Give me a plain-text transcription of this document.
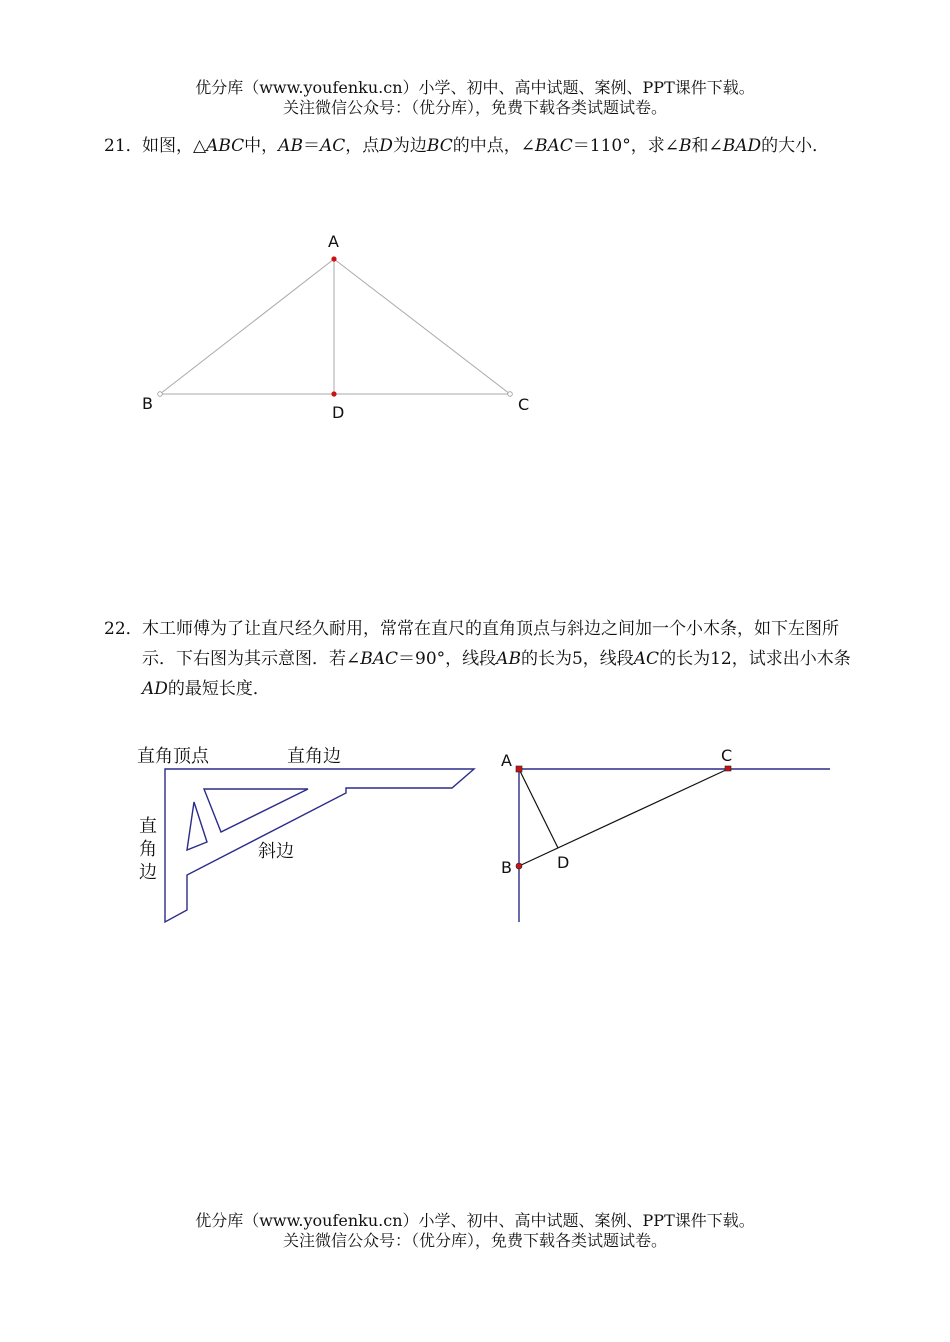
优分库（www.youfenku.cn）小学、初中、高中试题、案例、PPT课件下载。
关注微信公众号：（优分库），免费下载各类试题试卷。
21． 如图，△ABC中，AB＝AC，点D为边BC的中点，∠BAC＝110°，求∠B和∠BAD的大小．
A
B	C
D
22． 木工师傅为了让直尺经久耐用，常常在直尺的直角顶点与斜边之间加一个小木条，如下左图所示．下右图为其示意图．若∠BAC＝90°，线段AB的长为5，线段AC的长为12，试求出小木条AD的最短长度．
直角顶点	直角边
直
角
边
斜边
A
B
C
D
优分库（www.youfenku.cn）小学、初中、高中试题、案例、PPT课件下载。
关注微信公众号：（优分库），免费下载各类试题试卷。
